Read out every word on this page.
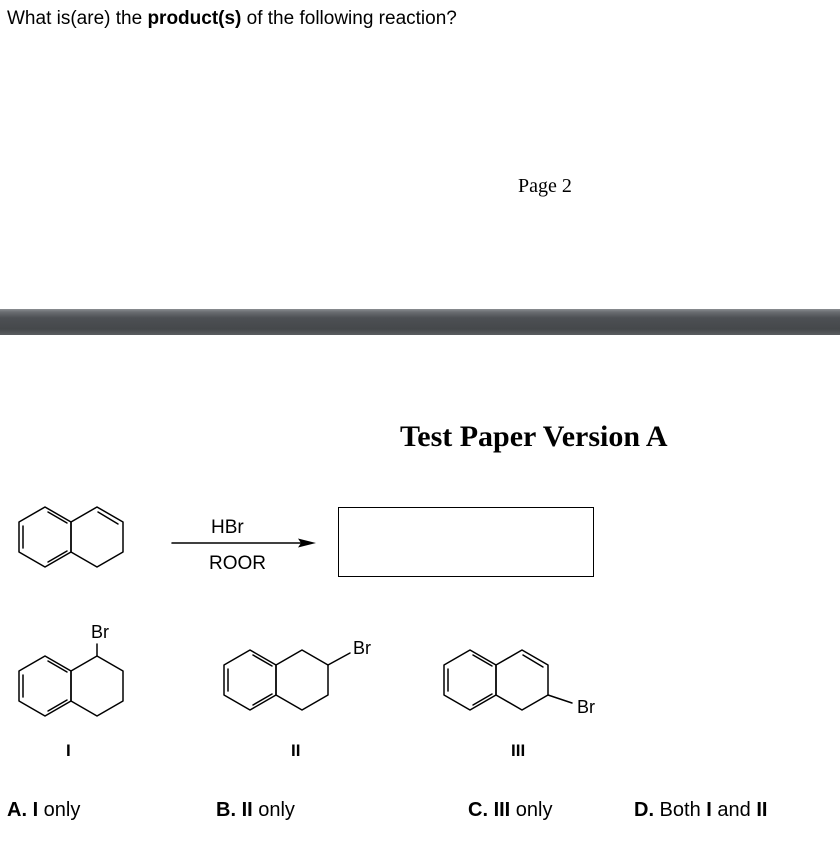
What is(are) the product(s) of the following reaction?

Page 2
Test Paper Version A
HBr
ROOR
Br
Br
Br
I	II	III
A. I only	B. II only	C. III only	D. Both I and II
